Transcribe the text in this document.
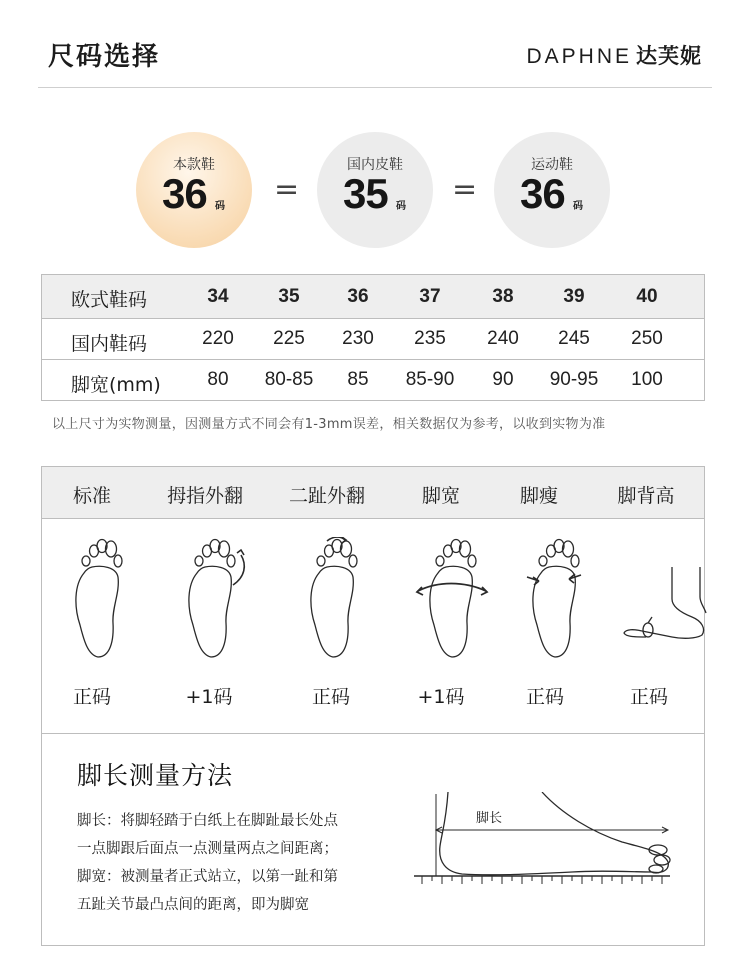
尺码选择	DAPHNE 达芙妮
本款鞋
36 码 =
国内皮鞋
35 码 =
运动鞋
36 码
欧式鞋码	34	35	36	37	38	39	40
国内鞋码	220	225	230	235	240	245	250
脚宽(mm)	80	80-85	85	85-90	90	90-95	100
以上尺寸为实物测量，因测量方式不同会有1-3mm误差，相关数据仅为参考，以收到实物为准
标准	拇指外翻	二趾外翻	脚宽	脚瘦	脚背高
正码	+1码	正码	+1码	正码	正码
脚长测量方法

脚长：将脚轻踏于白纸上在脚趾最长处点

一点脚跟后面点一点测量两点之间距离；

脚宽：被测量者正式站立，以第一趾和第

五趾关节最凸点间的距离，即为脚宽

脚长
